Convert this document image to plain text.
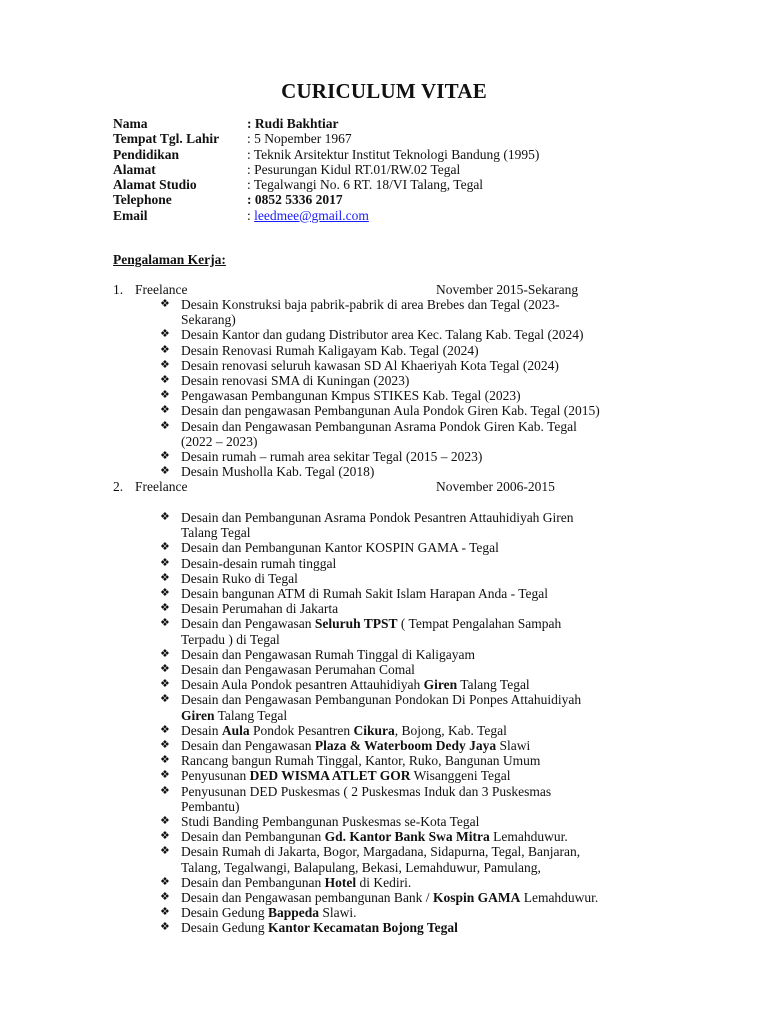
CURICULUM VITAE
Nama	: Rudi Bakhtiar
Tempat Tgl. Lahir	: 5 Nopember 1967
Pendidikan	: Teknik Arsitektur Institut Teknologi Bandung (1995)
Alamat	: Pesurungan Kidul RT.01/RW.02 Tegal
Alamat Studio	: Tegalwangi No. 6 RT. 18/VI Talang, Tegal
Telephone	: 0852 5336 2017
Email	: leedmee@gmail.com
Pengalaman Kerja:
1. Freelance	November 2015-Sekarang
❖ Desain Konstruksi baja pabrik-pabrik di area Brebes dan Tegal (2023-
Sekarang)
❖ Desain Kantor dan gudang Distributor area Kec. Talang Kab. Tegal (2024)
❖ Desain Renovasi Rumah Kaligayam Kab. Tegal (2024)
❖ Desain renovasi seluruh kawasan SD Al Khaeriyah Kota Tegal (2024)
❖ Desain renovasi SMA di Kuningan (2023)
❖ Pengawasan Pembangunan Kmpus STIKES Kab. Tegal (2023)
❖ Desain dan pengawasan Pembangunan Aula Pondok Giren Kab. Tegal (2015)
❖ Desain dan Pengawasan Pembangunan Asrama Pondok Giren Kab. Tegal
(2022 – 2023)
❖ Desain rumah – rumah area sekitar Tegal (2015 – 2023)
❖ Desain Musholla Kab. Tegal (2018)
2. Freelance	November 2006-2015
❖ Desain dan Pembangunan Asrama Pondok Pesantren Attauhidiyah Giren
Talang Tegal
❖ Desain dan Pembangunan Kantor KOSPIN GAMA - Tegal
❖ Desain-desain rumah tinggal
❖ Desain Ruko di Tegal
❖ Desain bangunan ATM di Rumah Sakit Islam Harapan Anda - Tegal
❖ Desain Perumahan di Jakarta
❖ Desain dan Pengawasan Seluruh TPST ( Tempat Pengalahan Sampah
Terpadu ) di Tegal
❖ Desain dan Pengawasan Rumah Tinggal di Kaligayam
❖ Desain dan Pengawasan Perumahan Comal
❖ Desain Aula Pondok pesantren Attauhidiyah Giren Talang Tegal
❖ Desain dan Pengawasan Pembangunan Pondokan Di Ponpes Attahuidiyah
Giren Talang Tegal
❖ Desain Aula Pondok Pesantren Cikura, Bojong, Kab. Tegal
❖ Desain dan Pengawasan Plaza & Waterboom Dedy Jaya Slawi
❖ Rancang bangun Rumah Tinggal, Kantor, Ruko, Bangunan Umum
❖ Penyusunan DED WISMA ATLET GOR Wisanggeni Tegal
❖ Penyusunan DED Puskesmas ( 2 Puskesmas Induk dan 3 Puskesmas
Pembantu)
❖ Studi Banding Pembangunan Puskesmas se-Kota Tegal
❖ Desain dan Pembangunan Gd. Kantor Bank Swa Mitra Lemahduwur.
❖ Desain Rumah di Jakarta, Bogor, Margadana, Sidapurna, Tegal, Banjaran,
Talang, Tegalwangi, Balapulang, Bekasi, Lemahduwur, Pamulang,
❖ Desain dan Pembangunan Hotel di Kediri.
❖ Desain dan Pengawasan pembangunan Bank / Kospin GAMA Lemahduwur.
❖ Desain Gedung Bappeda Slawi.
❖ Desain Gedung Kantor Kecamatan Bojong Tegal
